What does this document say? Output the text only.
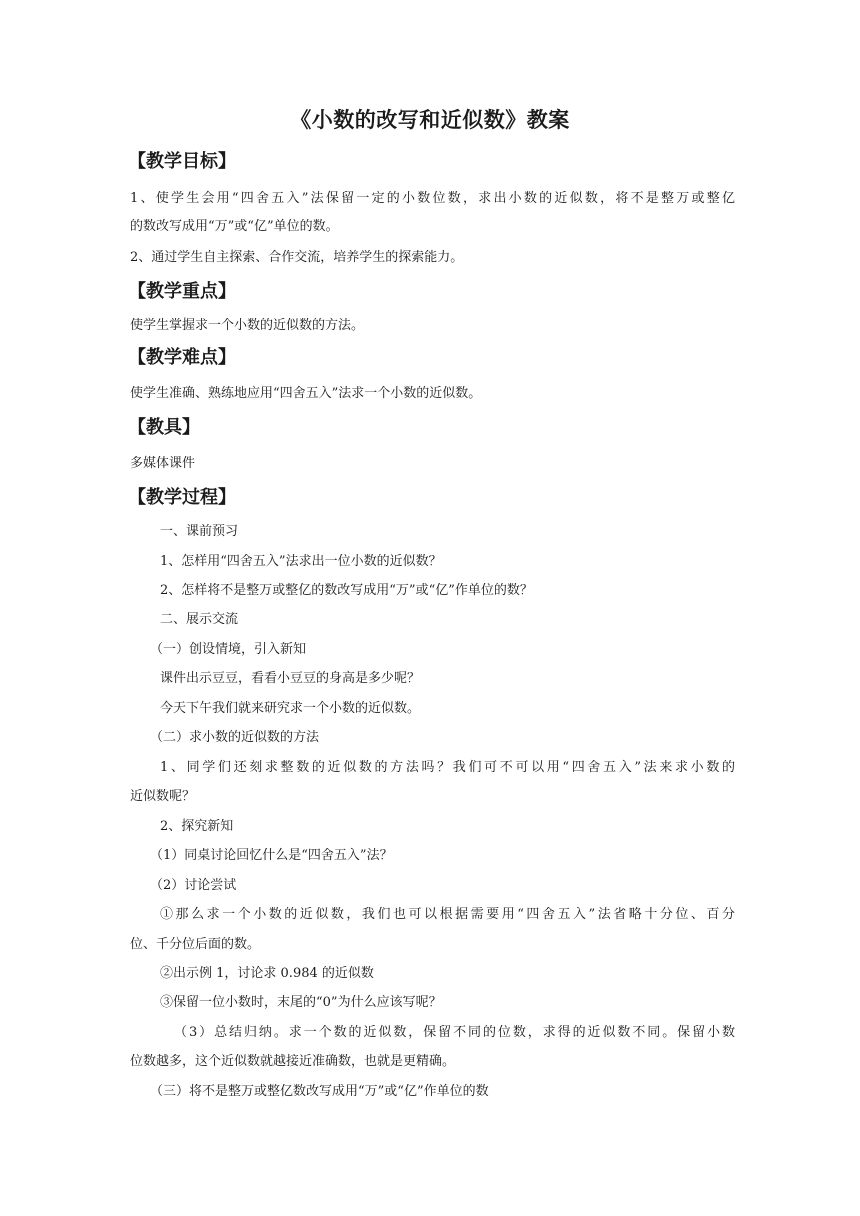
《小数的改写和近似数》教案
【教学目标】
1、使学生会用“四舍五入”法保留一定的小数位数，求出小数的近似数，将不是整万或整亿
的数改写成用“万”或“亿”单位的数。
2、通过学生自主探索、合作交流，培养学生的探索能力。
【教学重点】
使学生掌握求一个小数的近似数的方法。
【教学难点】
使学生准确、熟练地应用“四舍五入”法求一个小数的近似数。
【教具】
多媒体课件
【教学过程】
一、课前预习
1、怎样用“四舍五入”法求出一位小数的近似数？
2、怎样将不是整万或整亿的数改写成用“万”或“亿”作单位的数？
二、展示交流
（一）创设情境，引入新知
课件出示豆豆，看看小豆豆的身高是多少呢？
今天下午我们就来研究求一个小数的近似数。
（二）求小数的近似数的方法
1、同学们还刻求整数的近似数的方法吗？我们可不可以用“四舍五入”法来求小数的
近似数呢？
2、探究新知
（1）同桌讨论回忆什么是“四舍五入”法？
（2）讨论尝试
①那么求一个小数的近似数，我们也可以根据需要用“四舍五入”法省略十分位、百分
位、千分位后面的数。
②出示例 1，讨论求 0.984 的近似数
③保留一位小数时，末尾的“0”为什么应该写呢？
（3）总结归纳。求一个数的近似数，保留不同的位数，求得的近似数不同。保留小数
位数越多，这个近似数就越接近准确数，也就是更精确。
（三）将不是整万或整亿数改写成用“万”或“亿”作单位的数
